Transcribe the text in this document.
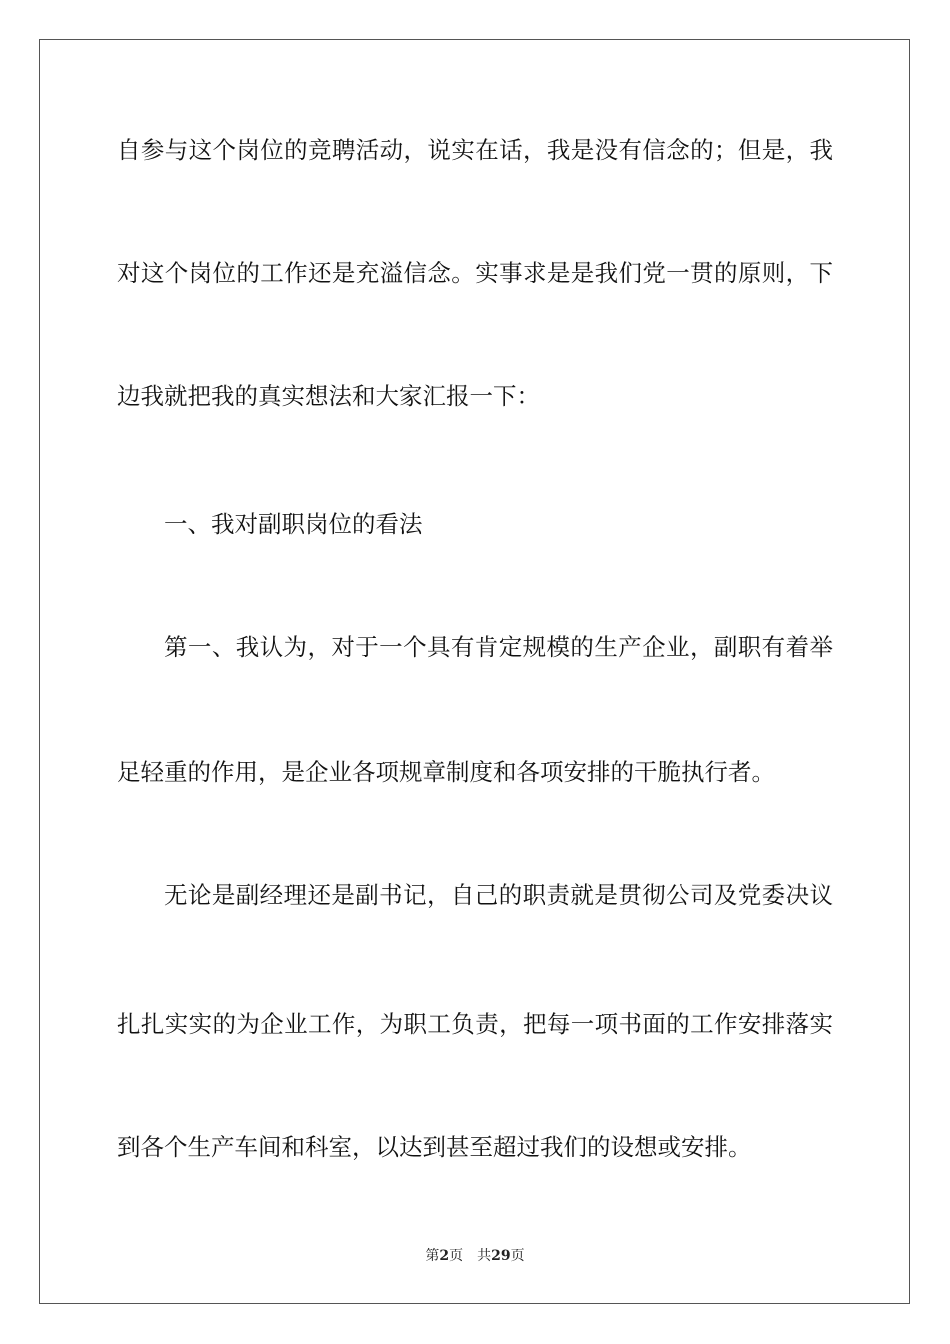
自参与这个岗位的竞聘活动，说实在话，我是没有信念的；但是，我
对这个岗位的工作还是充溢信念。实事求是是我们党一贯的原则，下
边我就把我的真实想法和大家汇报一下：
一、我对副职岗位的看法
第一、我认为，对于一个具有肯定规模的生产企业，副职有着举
足轻重的作用，是企业各项规章制度和各项安排的干脆执行者。
无论是副经理还是副书记，自己的职责就是贯彻公司及党委决议
扎扎实实的为企业工作，为职工负责，把每一项书面的工作安排落实
到各个生产车间和科室，以达到甚至超过我们的设想或安排。
第2页 共29页
